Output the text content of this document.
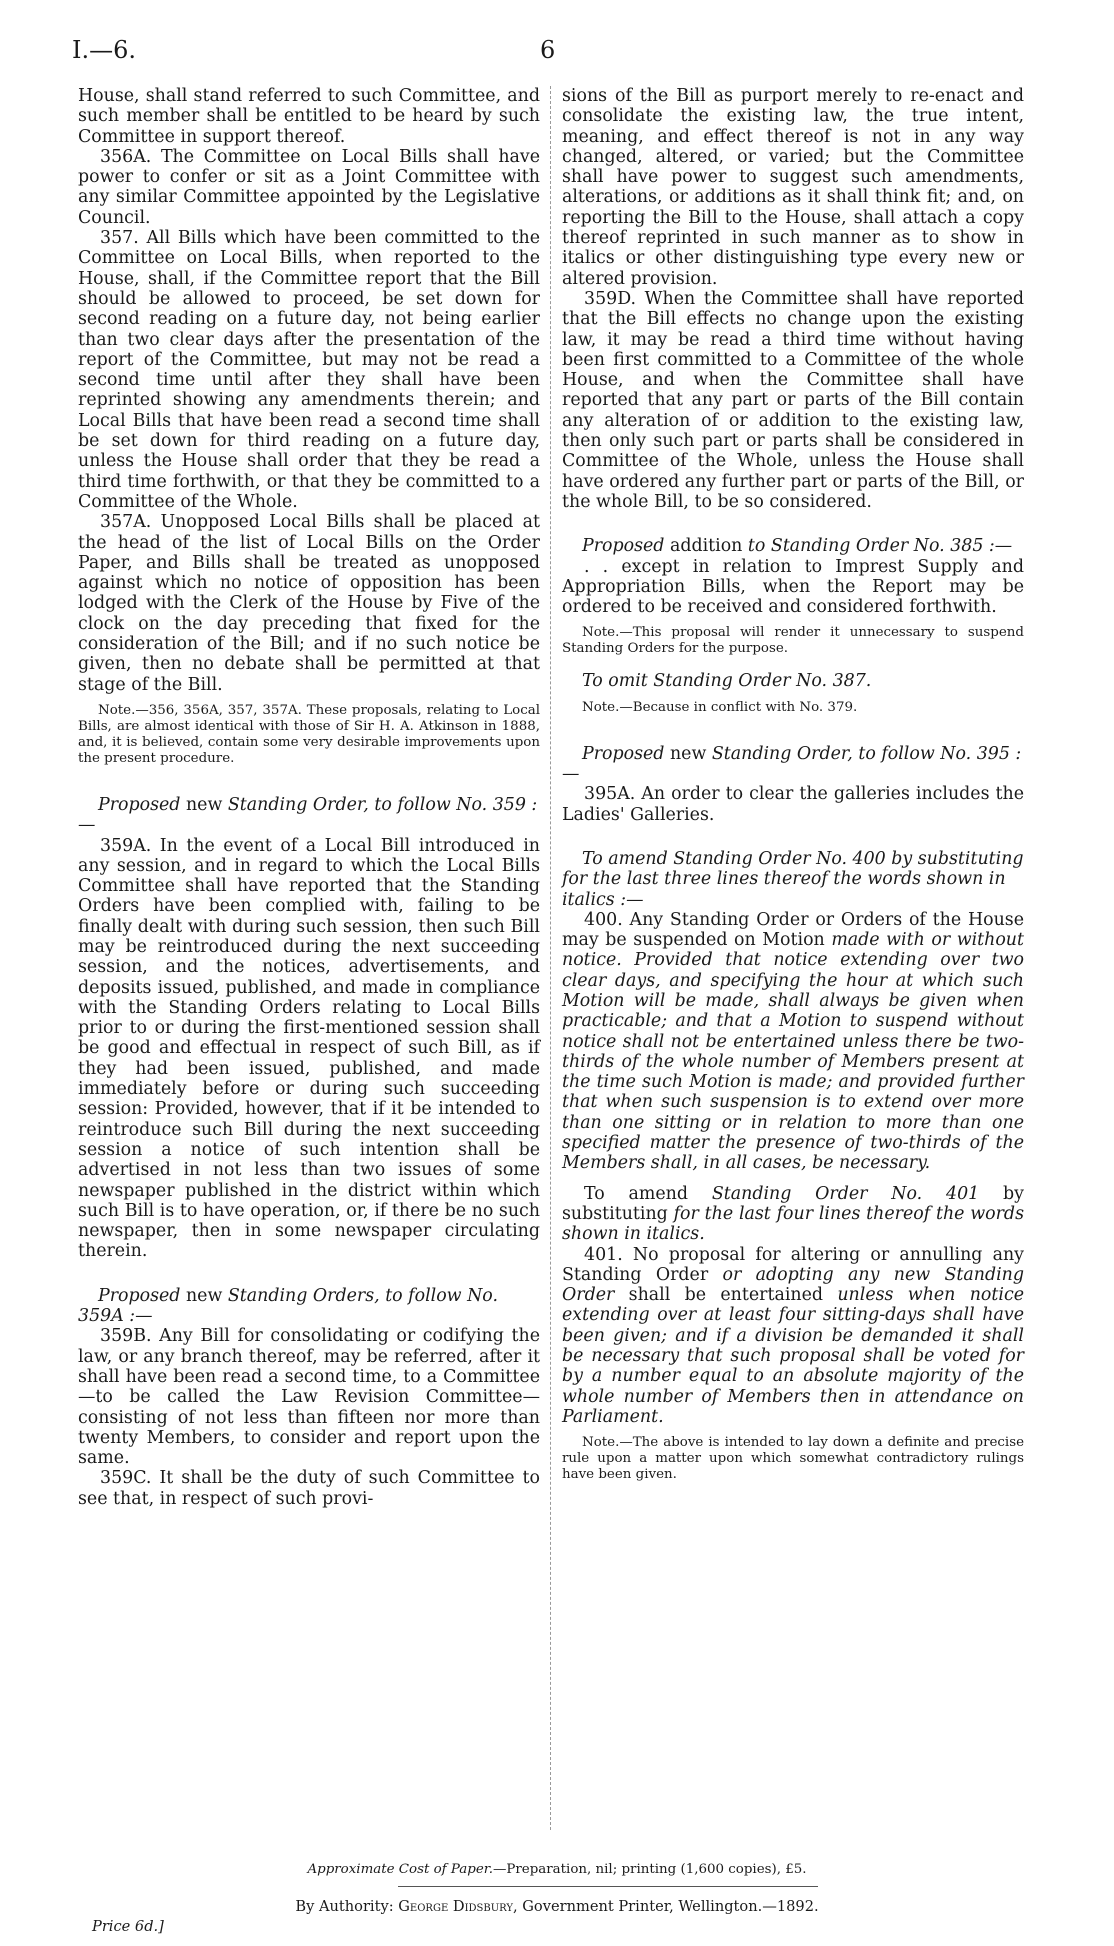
I.—6.	6

House, shall stand referred to such Committee, and such member shall be entitled to be heard by such Committee in support thereof.

356A. The Committee on Local Bills shall have power to confer or sit as a Joint Committee with any similar Committee appointed by the Legislative Council.

357. All Bills which have been committed to the Committee on Local Bills, when reported to the House, shall, if the Committee report that the Bill should be allowed to proceed, be set down for second reading on a future day, not being earlier than two clear days after the presentation of the report of the Committee, but may not be read a second time until after they shall have been reprinted showing any amendments therein; and Local Bills that have been read a second time shall be set down for third reading on a future day, unless the House shall order that they be read a third time forthwith, or that they be committed to a Committee of the Whole.

357A. Unopposed Local Bills shall be placed at the head of the list of Local Bills on the Order Paper, and Bills shall be treated as unopposed against which no notice of opposition has been lodged with the Clerk of the House by Five of the clock on the day preceding that fixed for the consideration of the Bill; and if no such notice be given, then no debate shall be permitted at that stage of the Bill.

Note.—356, 356A, 357, 357A. These proposals, relating to Local Bills, are almost identical with those of Sir H. A. Atkinson in 1888, and, it is believed, contain some very desirable improvements upon the present procedure.

Proposed new Standing Order, to follow No. 359 :—

359A. In the event of a Local Bill introduced in any session, and in regard to which the Local Bills Committee shall have reported that the Standing Orders have been complied with, failing to be finally dealt with during such session, then such Bill may be reintroduced during the next succeeding session, and the notices, advertisements, and deposits issued, published, and made in compliance with the Standing Orders relating to Local Bills prior to or during the first-mentioned session shall be good and effectual in respect of such Bill, as if they had been issued, published, and made immediately before or during such succeeding session: Provided, however, that if it be intended to reintroduce such Bill during the next succeeding session a notice of such intention shall be advertised in not less than two issues of some newspaper published in the district within which such Bill is to have operation, or, if there be no such newspaper, then in some newspaper circulating therein.

Proposed new Standing Orders, to follow No. 359A :—

359B. Any Bill for consolidating or codifying the law, or any branch thereof, may be referred, after it shall have been read a second time, to a Committee—to be called the Law Revision Committee—consisting of not less than fifteen nor more than twenty Members, to consider and report upon the same.

359C. It shall be the duty of such Committee to see that, in respect of such provi-

sions of the Bill as purport merely to re-enact and consolidate the existing law, the true intent, meaning, and effect thereof is not in any way changed, altered, or varied; but the Committee shall have power to suggest such amendments, alterations, or additions as it shall think fit; and, on reporting the Bill to the House, shall attach a copy thereof reprinted in such manner as to show in italics or other distinguishing type every new or altered provision.

359D. When the Committee shall have reported that the Bill effects no change upon the existing law, it may be read a third time without having been first committed to a Committee of the whole House, and when the Committee shall have reported that any part or parts of the Bill contain any alteration of or addition to the existing law, then only such part or parts shall be considered in Committee of the Whole, unless the House shall have ordered any further part or parts of the Bill, or the whole Bill, to be so considered.

Proposed addition to Standing Order No. 385 :—

. . except in relation to Imprest Supply and Appropriation Bills, when the Report may be ordered to be received and considered forthwith.

Note.—This proposal will render it unnecessary to suspend Standing Orders for the purpose.

To omit Standing Order No. 387.

Note.—Because in conflict with No. 379.

Proposed new Standing Order, to follow No. 395 :—

395A. An order to clear the galleries includes the Ladies' Galleries.

To amend Standing Order No. 400 by substituting for the last three lines thereof the words shown in italics :—

400. Any Standing Order or Orders of the House may be suspended on Motion made with or without notice. Provided that notice extending over two clear days, and specifying the hour at which such Motion will be made, shall always be given when practicable; and that a Motion to suspend without notice shall not be entertained unless there be two-thirds of the whole number of Members present at the time such Motion is made; and provided further that when such suspension is to extend over more than one sitting or in relation to more than one specified matter the presence of two-thirds of the Members shall, in all cases, be necessary.

To amend Standing Order No. 401 by substituting for the last four lines thereof the words shown in italics.

401. No proposal for altering or annulling any Standing Order or adopting any new Standing Order shall be entertained unless when notice extending over at least four sitting-days shall have been given; and if a division be demanded it shall be necessary that such proposal shall be voted for by a number equal to an absolute majority of the whole number of Members then in attendance on Parliament.

Note.—The above is intended to lay down a definite and precise rule upon a matter upon which somewhat contradictory rulings have been given.

Approximate Cost of Paper.—Preparation, nil; printing (1,600 copies), £5.
By Authority: George Didsbury, Government Printer, Wellington.—1892.
Price 6d.]
